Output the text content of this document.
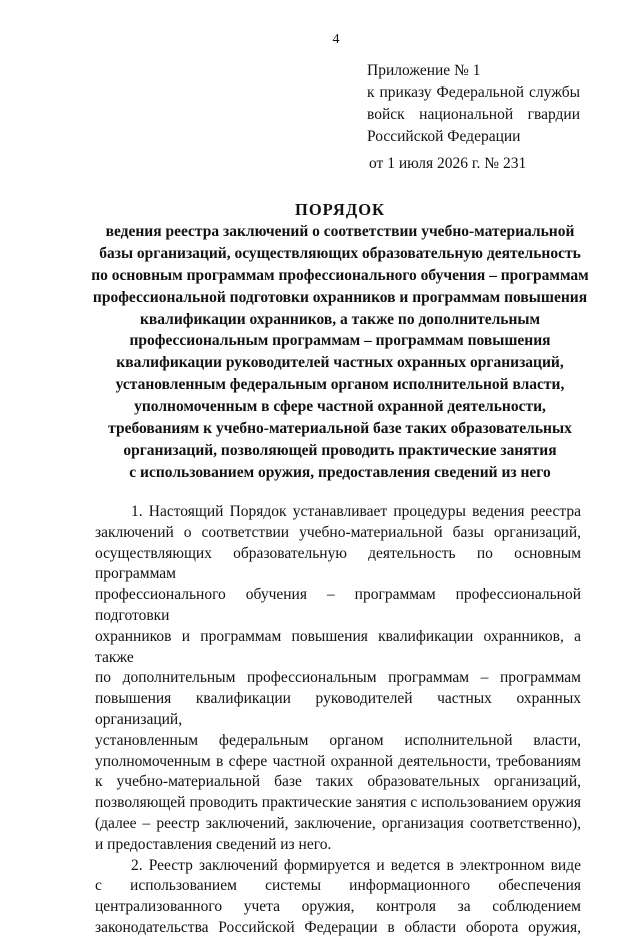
4
Приложение № 1
к приказу Федеральной службы
войск национальной гвардии
Российской Федерации
от 1 июля 2026 г. № 231
ПОРЯДОК
ведения реестра заключений о соответствии учебно-материальной
базы организаций, осуществляющих образовательную деятельность
по основным программам профессионального обучения – программам
профессиональной подготовки охранников и программам повышения
квалификации охранников, а также по дополнительным
профессиональным программам – программам повышения
квалификации руководителей частных охранных организаций,
установленным федеральным органом исполнительной власти,
уполномоченным в сфере частной охранной деятельности,
требованиям к учебно-материальной базе таких образовательных
организаций, позволяющей проводить практические занятия
с использованием оружия, предоставления сведений из него
1. Настоящий Порядок устанавливает процедуры ведения реестра
заключений о соответствии учебно-материальной базы организаций,
осуществляющих образовательную деятельность по основным программам
профессионального обучения – программам профессиональной подготовки
охранников и программам повышения квалификации охранников, а также
по дополнительным профессиональным программам – программам
повышения квалификации руководителей частных охранных организаций,
установленным федеральным органом исполнительной власти,
уполномоченным в сфере частной охранной деятельности, требованиям
к учебно-материальной базе таких образовательных организаций,
позволяющей проводить практические занятия с использованием оружия
(далее – реестр заключений, заключение, организация соответственно),
и предоставления сведений из него.
2. Реестр заключений формируется и ведется в электронном виде
с использованием системы информационного обеспечения
централизованного учета оружия, контроля за соблюдением
законодательства Российской Федерации в области оборота оружия,
